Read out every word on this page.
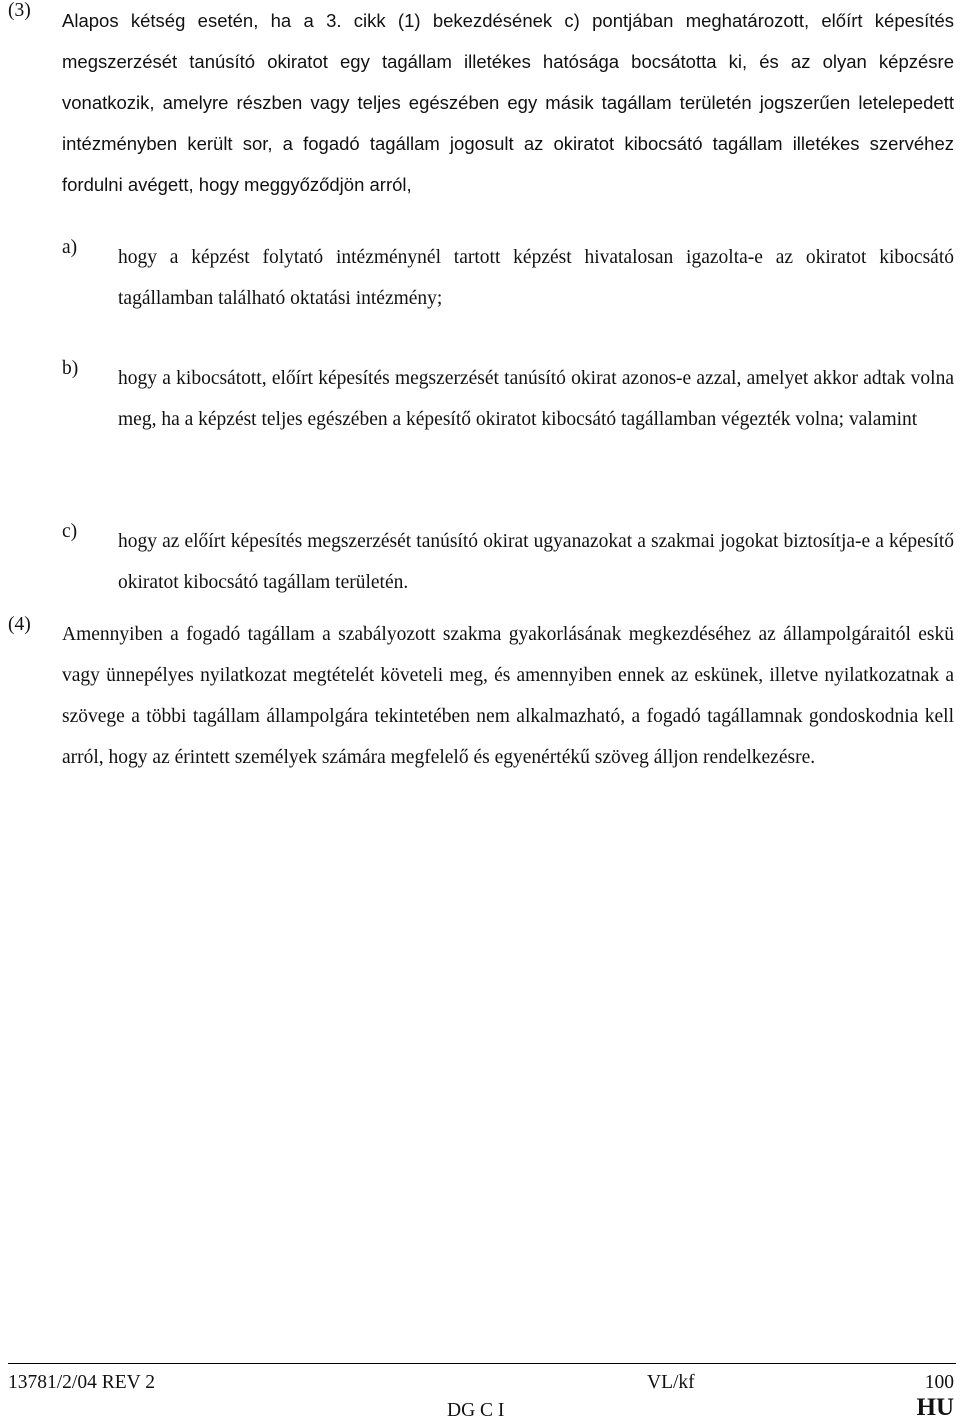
(3) Alapos kétség esetén, ha a 3. cikk (1) bekezdésének c) pontjában meghatározott, előírt képesítés megszerzését tanúsító okiratot egy tagállam illetékes hatósága bocsátotta ki, és az olyan képzésre vonatkozik, amelyre részben vagy teljes egészében egy másik tagállam területén jogszerűen letelepedett intézményben került sor, a fogadó tagállam jogosult az okiratot kibocsátó tagállam illetékes szervéhez fordulni avégett, hogy meggyőződjön arról,
a) hogy a képzést folytató intézménynél tartott képzést hivatalosan igazolta-e az okiratot kibocsátó tagállamban található oktatási intézmény;
b) hogy a kibocsátott, előírt képesítés megszerzését tanúsító okirat azonos-e azzal, amelyet akkor adtak volna meg, ha a képzést teljes egészében a képesítő okiratot kibocsátó tagállamban végezték volna; valamint
c) hogy az előírt képesítés megszerzését tanúsító okirat ugyanazokat a szakmai jogokat biztosítja-e a képesítő okiratot kibocsátó tagállam területén.
(4) Amennyiben a fogadó tagállam a szabályozott szakma gyakorlásának megkezdéséhez az állampolgáraitól eskü vagy ünnepélyes nyilatkozat megtételét követeli meg, és amennyiben ennek az eskünek, illetve nyilatkozatnak a szövege a többi tagállam állampolgára tekintetében nem alkalmazható, a fogadó tagállamnak gondoskodnia kell arról, hogy az érintett személyek számára megfelelő és egyenértékű szöveg álljon rendelkezésre.
13781/2/04 REV 2	VL/kf	100
DG C I	HU
